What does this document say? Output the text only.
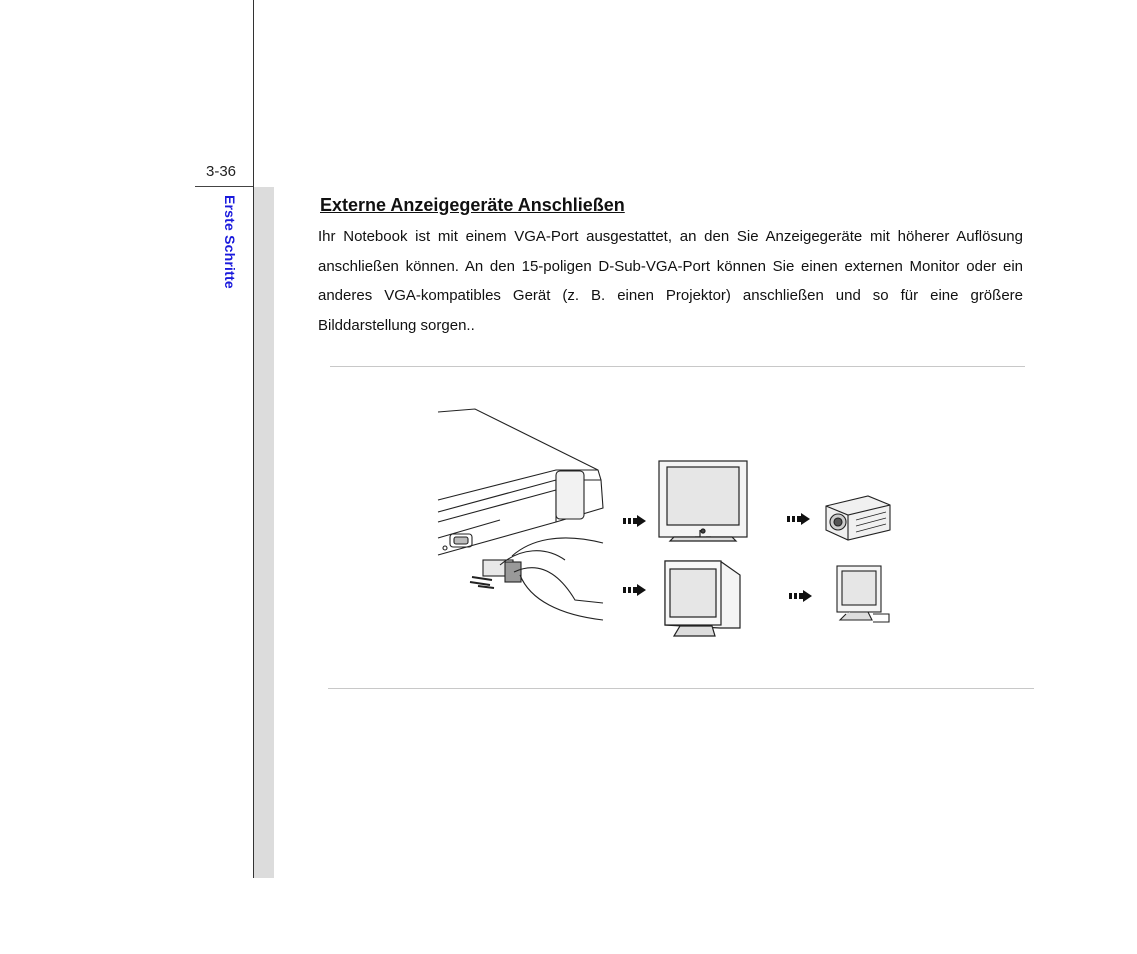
3-36
Erste Schritte	Externe Anzeigegeräte Anschließen

Ihr Notebook ist mit einem VGA-Port ausgestattet, an den Sie Anzeigegeräte mit höherer Auflösung anschließen können. An den 15-poligen D-Sub-VGA-Port können Sie einen externen Monitor oder ein anderes VGA-kompatibles Gerät (z. B. einen Projektor) anschließen und so für eine größere Bilddarstellung sorgen..
